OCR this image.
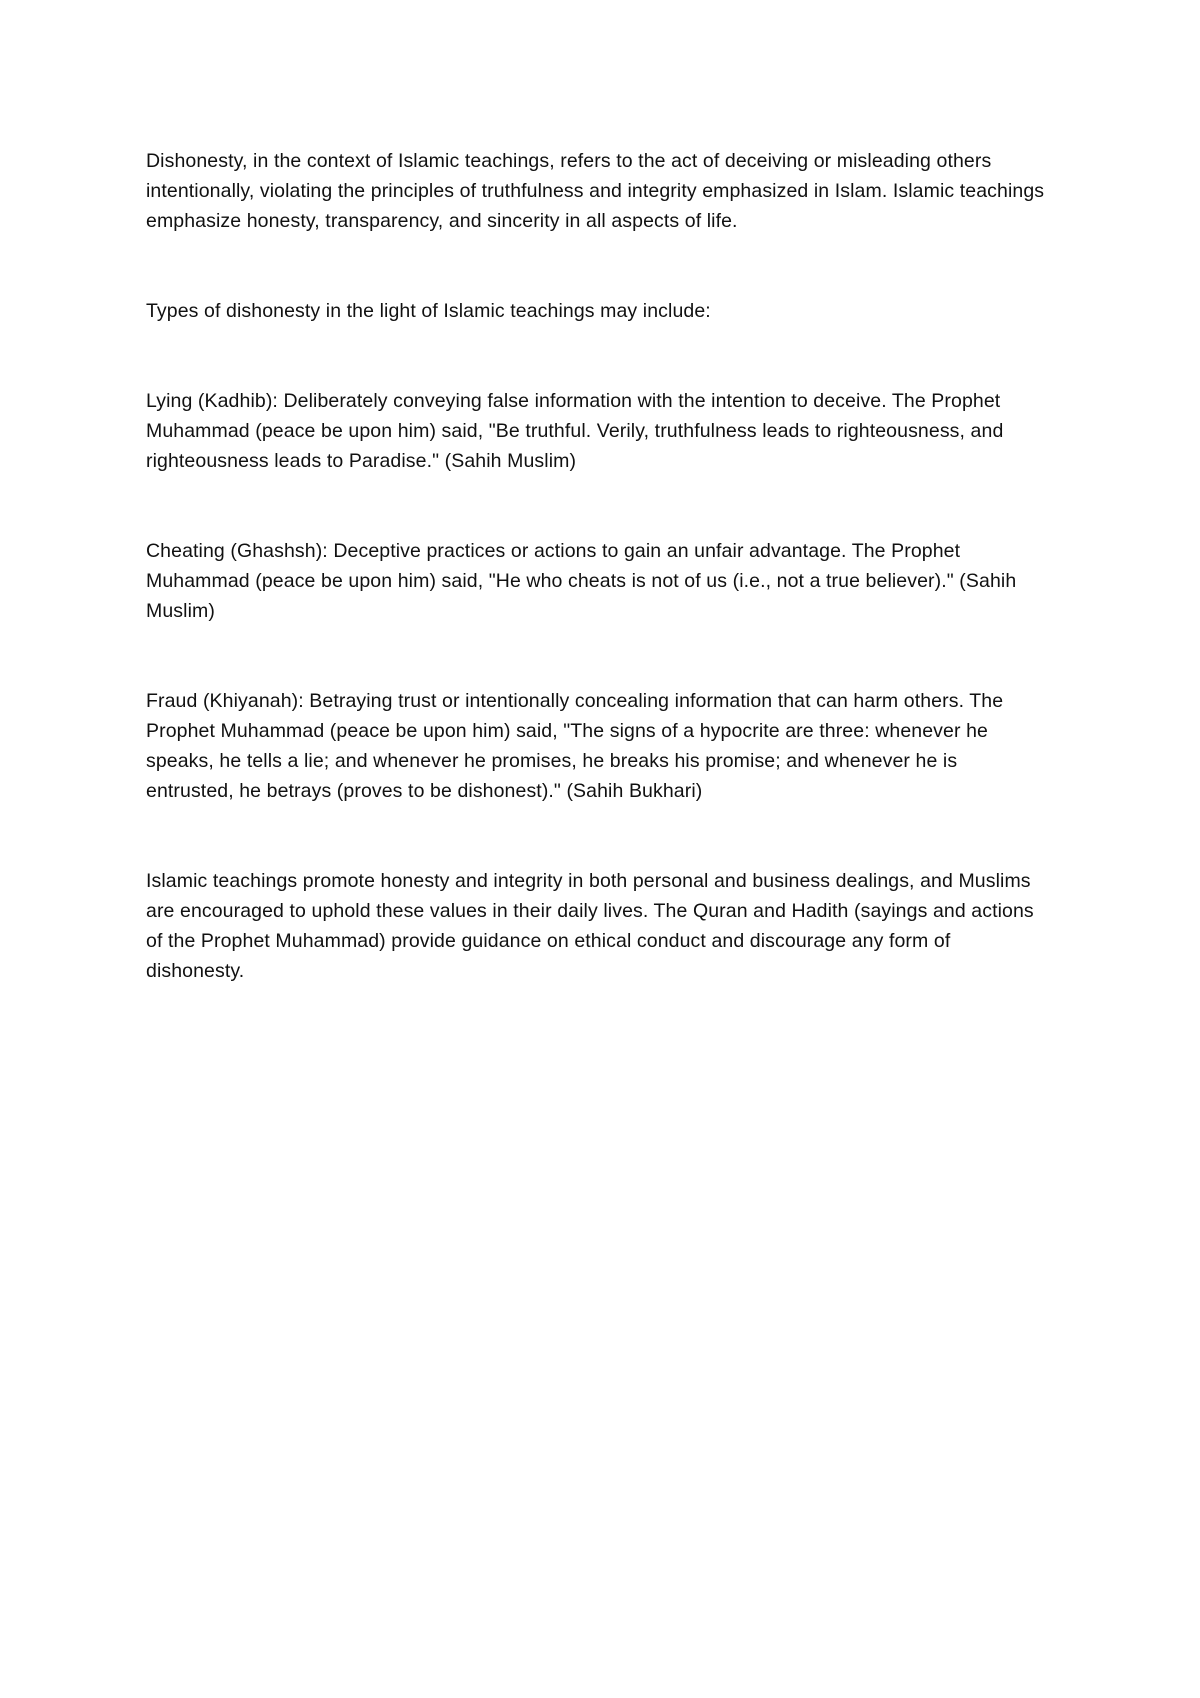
Dishonesty, in the context of Islamic teachings, refers to the act of deceiving or misleading others intentionally, violating the principles of truthfulness and integrity emphasized in Islam. Islamic teachings emphasize honesty, transparency, and sincerity in all aspects of life.

Types of dishonesty in the light of Islamic teachings may include:

Lying (Kadhib): Deliberately conveying false information with the intention to deceive. The Prophet Muhammad (peace be upon him) said, "Be truthful. Verily, truthfulness leads to righteousness, and righteousness leads to Paradise." (Sahih Muslim)

Cheating (Ghashsh): Deceptive practices or actions to gain an unfair advantage. The Prophet Muhammad (peace be upon him) said, "He who cheats is not of us (i.e., not a true believer)." (Sahih Muslim)

Fraud (Khiyanah): Betraying trust or intentionally concealing information that can harm others. The Prophet Muhammad (peace be upon him) said, "The signs of a hypocrite are three: whenever he speaks, he tells a lie; and whenever he promises, he breaks his promise; and whenever he is entrusted, he betrays (proves to be dishonest)." (Sahih Bukhari)

Islamic teachings promote honesty and integrity in both personal and business dealings, and Muslims are encouraged to uphold these values in their daily lives. The Quran and Hadith (sayings and actions of the Prophet Muhammad) provide guidance on ethical conduct and discourage any form of dishonesty.
